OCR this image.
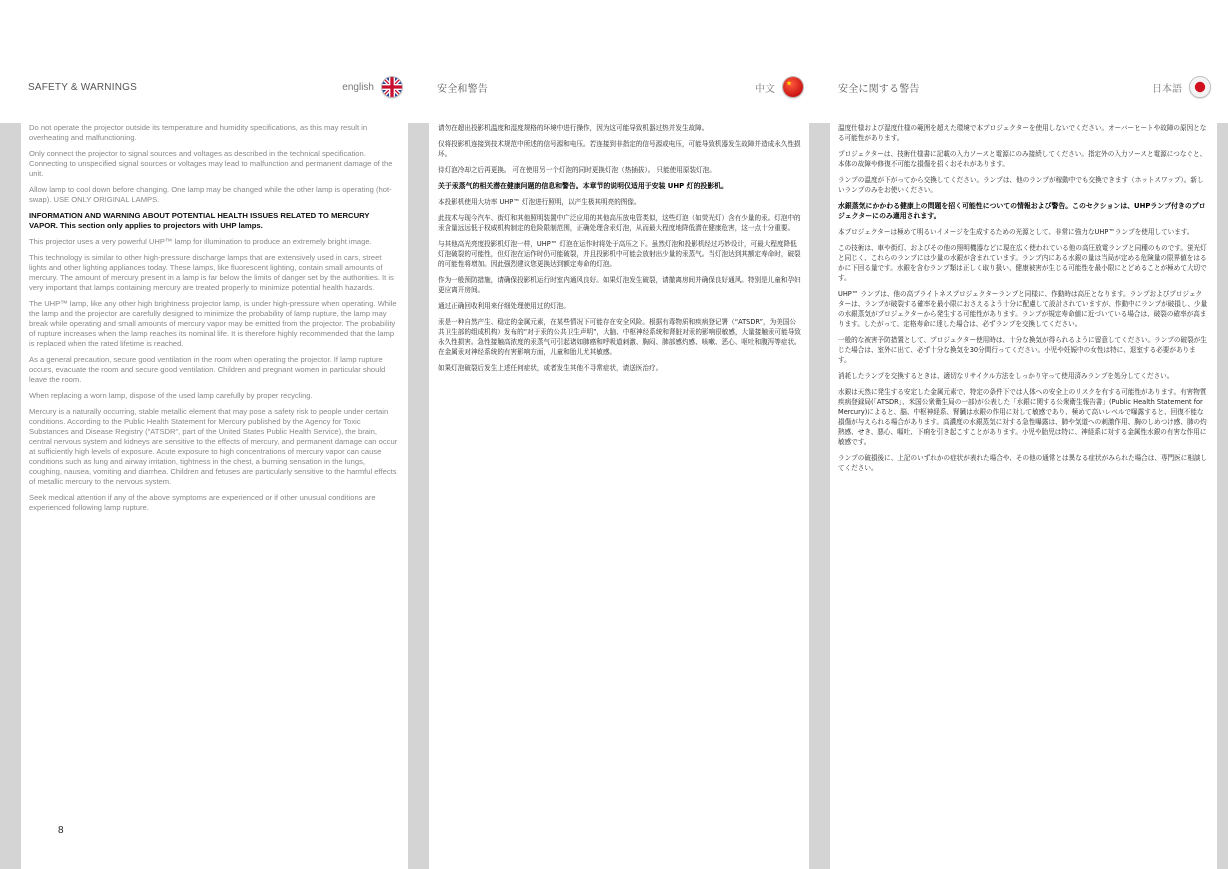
SAFETY & WARNINGS	english	安全和警告	中文	安全に関する警告	日本語

Do not operate the projector outside its temperature and humidity specifications, as this may result in overheating and malfunctioning.

Only connect the projector to signal sources and voltages as described in the technical specification. Connecting to unspecified signal sources or voltages may lead to malfunction and permanent damage of the unit.

Allow lamp to cool down before changing. One lamp may be changed while the other lamp is operating (hot-swap). USE ONLY ORIGINAL LAMPS.

INFORMATION AND WARNING ABOUT POTENTIAL HEALTH ISSUES RELATED TO MERCURY VAPOR. This section only applies to projectors with UHP lamps.

This projector uses a very powerful UHP™ lamp for illumination to produce an extremely bright image.

This technology is similar to other high-pressure discharge lamps that are extensively used in cars, street lights and other lighting appliances today. These lamps, like fluorescent lighting, contain small amounts of mercury. The amount of mercury present in a lamp is far below the limits of danger set by the authorities. It is very important that lamps containing mercury are treated properly to minimize potential health hazards.

The UHP™ lamp, like any other high brightness projector lamp, is under high-pressure when operating. While the lamp and the projector are carefully designed to minimize the probability of lamp rupture, the lamp may break while operating and small amounts of mercury vapor may be emitted from the projector. The probability of rupture increases when the lamp reaches its nominal life. It is therefore highly recommended that the lamp is replaced when the rated lifetime is reached.

As a general precaution, secure good ventilation in the room when operating the projector. If lamp rupture occurs, evacuate the room and secure good ventilation. Children and pregnant women in particular should leave the room.

When replacing a worn lamp, dispose of the used lamp carefully by proper recycling.

Mercury is a naturally occurring, stable metallic element that may pose a safety risk to people under certain conditions. According to the Public Health Statement for Mercury published by the Agency for Toxic Substances and Disease Registry ("ATSDR", part of the United States Public Health Service), the brain, central nervous system and kidneys are sensitive to the effects of mercury, and permanent damage can occur at sufficiently high levels of exposure. Acute exposure to high concentrations of mercury vapor can cause conditions such as lung and airway irritation, tightness in the chest, a burning sensation in the lungs, coughing, nausea, vomiting and diarrhea. Children and fetuses are particularly sensitive to the harmful effects of metallic mercury to the nervous system.

Seek medical attention if any of the above symptoms are experienced or if other unusual conditions are experienced following lamp rupture.

请勿在超出投影机温度和湿度规格的环境中进行操作，因为这可能导致机器过热并发生故障。

仅将投影机连接到技术规范中所述的信号源和电压。若连接到非指定的信号源或电压，可能导致机器发生故障并造成永久性损坏。

待灯泡冷却之后再更换。 可在使用另一个灯泡的同时更换灯泡（热插拔）。 只能使用原装灯泡。

关于汞蒸气的相关潜在健康问题的信息和警告。本章节的说明仅适用于安装 UHP 灯的投影机。

本投影机使用大功率 UHP™ 灯泡进行照明，以产生极其明亮的图像。

此技术与现今汽车、街灯和其他照明装置中广泛应用的其他高压放电管类似，这些灯泡（如荧光灯）含有少量的汞。灯泡中的汞含量远远低于权威机构制定的危险限制范围，正确处理含汞灯泡，从而最大程度地降低潜在健康危害，这一点十分重要。

与其他高光亮度投影机灯泡一样，UHP™ 灯泡在运作时将处于高压之下。虽然灯泡和投影机经过巧妙设计，可最大程度降低灯泡破裂的可能性，但灯泡在运作时仍可能破裂，并且投影机中可能会放射出少量的汞蒸气。当灯泡达到其额定寿命时，破裂的可能性将增加。因此强烈建议您更换达到额定寿命的灯泡。

作为一般预防措施，请确保投影机运行时室内通风良好。如果灯泡发生破裂，请撤离房间并确保良好通风。特别是儿童和孕妇更应离开房间。

通过正确回收利用来仔细处理使用过的灯泡。

汞是一种自然产生、稳定的金属元素，在某些情况下可能存在安全风险。根据有毒物质和疾病登记署（“ATSDR”，为美国公共卫生部的组成机构）发布的“对于汞的公共卫生声明”，大脑、中枢神经系统和肾脏对汞的影响很敏感，大量接触汞可能导致永久性损害。急性接触高浓度的汞蒸气可引起诸如肺癌和呼吸道刺激、胸闷、肺部感灼感、咳嗽、恶心、呕吐和腹泻等症状。在金属汞对神经系统的有害影响方面，儿童和胎儿尤其敏感。

如果灯泡破裂后发生上述任何症状，或者发生其他不寻常症状，请送医治疗。

温度仕様および湿度仕様の範囲を超えた環境で本プロジェクターを使用しないでください。オーバーヒートや故障の原因となる可能性があります。

プロジェクターは、技術仕様書に記載の入力ソースと電源にのみ接続してください。指定外の入力ソースと電源につなぐと、本体の故障や修復不可能な損傷を招くおそれがあります。

ランプの温度が下がってから交換してください。ランプは、他のランプが稼動中でも交換できます（ホットスワップ）。新しいランプのみをお使いください。

水銀蒸気にかかわる健康上の問題を招く可能性についての情報および警告。このセクションは、UHPランプ付きのプロジェクターにのみ適用されます。

本プロジェクターは極めて明るいイメージを生成するための光源として、非常に強力なUHP™ランプを使用しています。

この技術は、車や街灯、およびその他の照明機器などに現在広く使われている他の高圧放電ランプと同種のものです。蛍光灯と同じく、これらのランプには少量の水銀が含まれています。ランプ内にある水銀の量は当局が定める危険量の限界値をはるかに下回る量です。水銀を含むランプ類は正しく取り扱い、健康被害が生じる可能性を最小限にとどめることが極めて大切です。

UHP™ ランプは、他の高ブライトネスプロジェクターランプと同様に、作動時は高圧となります。ランプおよびプロジェクターは、ランプが破裂する確率を最小限におさえるよう十分に配慮して設計されていますが、作動中にランプが破損し、少量の水銀蒸気がプロジェクターから発生する可能性があります。ランプが規定寿命値に近づいている場合は、破裂の確率が高まります。したがって、定格寿命に達した場合は、必ずランプを交換してください。

一般的な被害予防措置として、プロジェクター使用時は、十分な換気が得られるように留意してください。ランプの破裂が生じた場合は、室外に出て、必ず十分な換気を30分間行ってください。小児や妊娠中の女性は特に、退室する必要があります。

消耗したランプを交換するときは、適切なリサイクル方法をしっかり守って使用済みランプを処分してください。

水銀は天然に発生する安定した金属元素で、特定の条件下では人体への安全上のリスクを有する可能性があります。有害物質疾病登録局(「ATSDR」、米国公衆衛生局の一部)が公表した「水銀に関する公衆衛生報告書」(Public Health Statement for Mercury)によると、脳、中枢神経系、腎臓は水銀の作用に対して敏感であり、極めて高いレベルで曝露すると、回復不能な損傷が与えられる場合があります。高濃度の水銀蒸気に対する急性曝露は、肺や気道への刺激作用、胸のしめつけ感、肺の灼熱感、せき、悪心、嘔吐、下痢を引き起こすことがあります。小児や胎児は特に、神経系に対する金属性水銀の有害な作用に敏感です。

ランプの破損後に、上記のいずれかの症状が表れた場合や、その他の通常とは異なる症状がみられた場合は、専門医に相談してください。

8
